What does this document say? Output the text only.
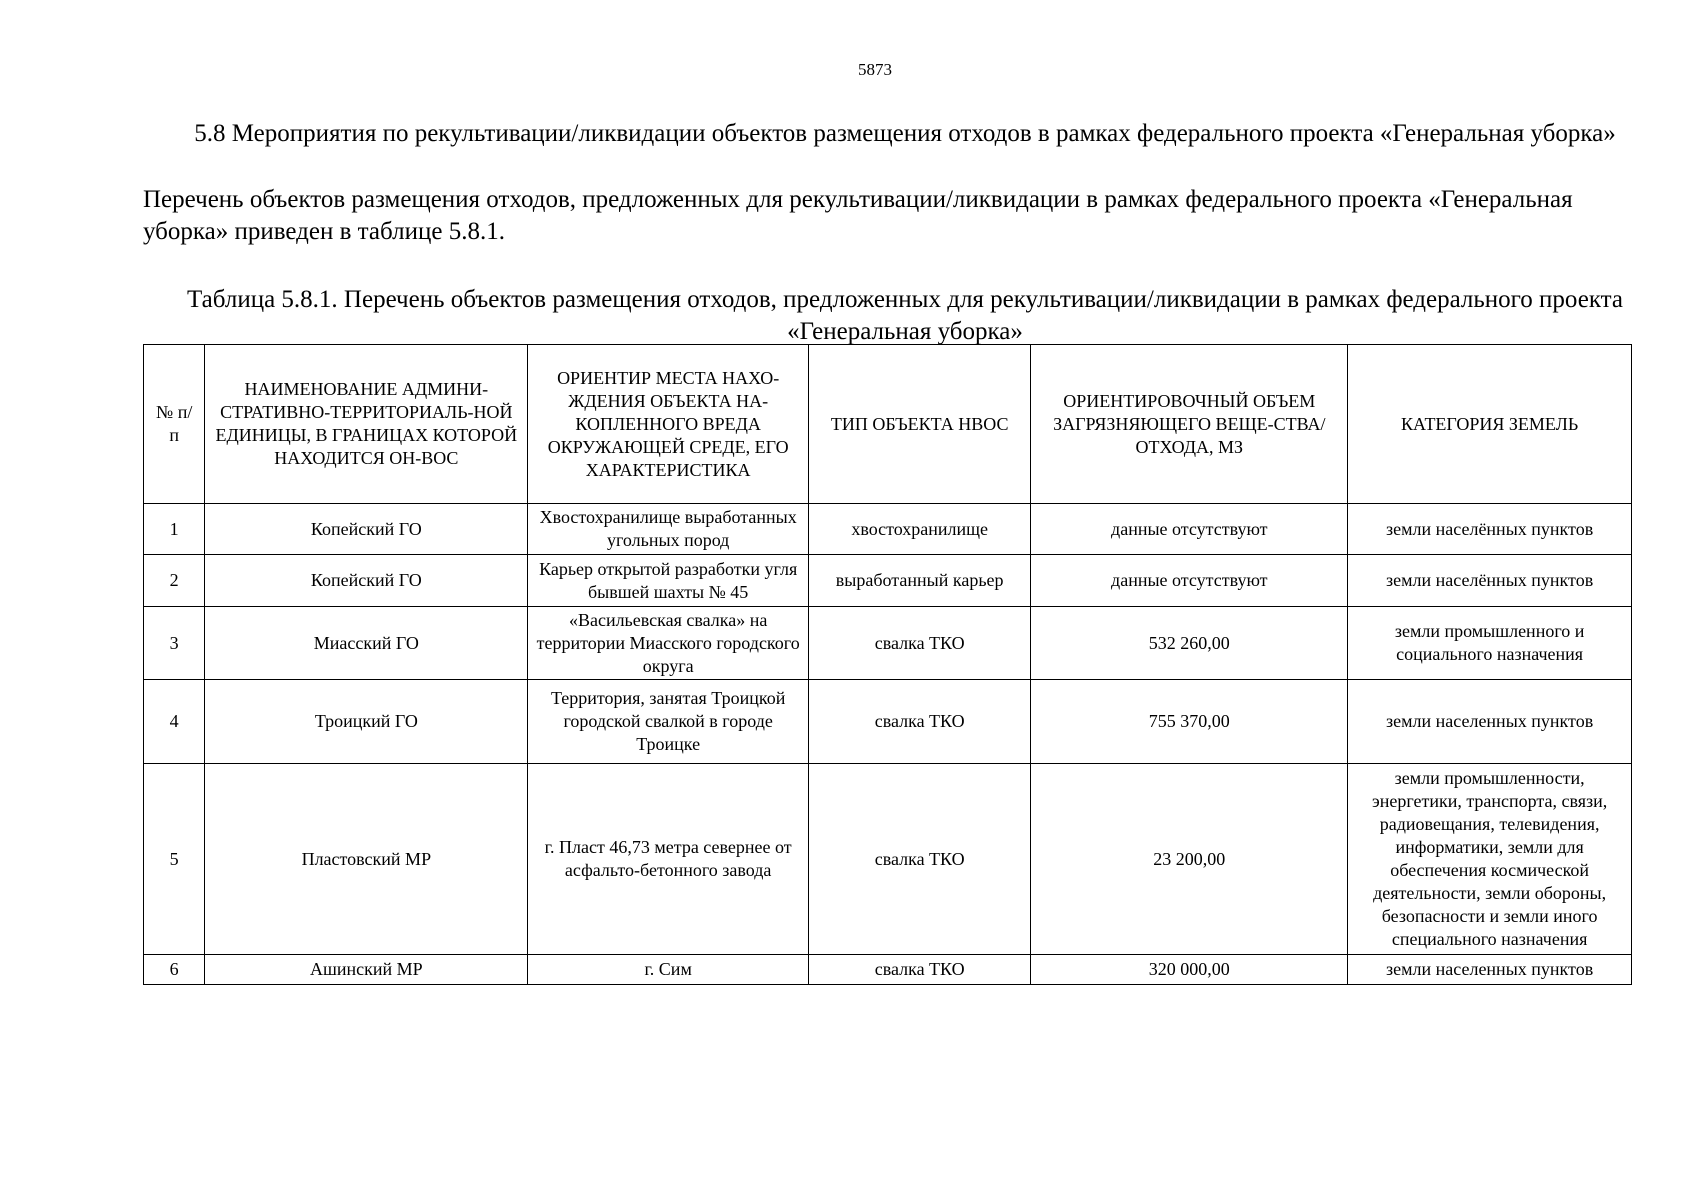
5873
5.8 Мероприятия по рекультивации/ликвидации объектов размещения отходов в рамках федерального проекта «Генеральная уборка»
Перечень объектов размещения отходов, предложенных для рекультивации/ликвидации в рамках федерального проекта «Генеральная уборка» приведен в таблице 5.8.1.
Таблица 5.8.1. Перечень объектов размещения отходов, предложенных для рекультивации/ликвидации в рамках федерального проекта «Генеральная уборка»
№ п/п	НАИМЕНОВАНИЕ АДМИНИ-СТРАТИВНО-ТЕРРИТОРИАЛЬ-НОЙ ЕДИНИЦЫ, В ГРАНИЦАХ КОТОРОЙ НАХОДИТСЯ ОН-ВОС	ОРИЕНТИР МЕСТА НАХО-ЖДЕНИЯ ОБЪЕКТА НА-КОПЛЕННОГО ВРЕДА ОКРУЖАЮЩЕЙ СРЕДЕ, ЕГО ХАРАКТЕРИСТИКА	ТИП ОБЪЕКТА НВОС	ОРИЕНТИРОВОЧНЫЙ ОБЪЕМ ЗАГРЯЗНЯЮЩЕГО ВЕЩЕ-СТВА/ОТХОДА, МЗ	КАТЕГОРИЯ ЗЕМЕЛЬ
1	Копейский ГО	Хвостохранилище выработанных угольных пород	хвостохранилище	данные отсутствуют	земли населённых пунктов
2	Копейский ГО	Карьер открытой разработки угля бывшей шахты № 45	выработанный карьер	данные отсутствуют	земли населённых пунктов
3	Миасский ГО	«Васильевская свалка» на территории Миасского городского округа	свалка ТКО	532 260,00	земли промышленного и социального назначения
4	Троицкий ГО	Территория, занятая Троицкой городской свалкой в городе Троицке	свалка ТКО	755 370,00	земли населенных пунктов
5	Пластовский МР	г. Пласт 46,73 метра севернее от асфальто-бетонного завода	свалка ТКО	23 200,00	земли промышленности, энергетики, транспорта, связи, радиовещания, телевидения, информатики, земли для обеспечения космической деятельности, земли обороны, безопасности и земли иного специального назначения
6	Ашинский МР	г. Сим	свалка ТКО	320 000,00	земли населенных пунктов
